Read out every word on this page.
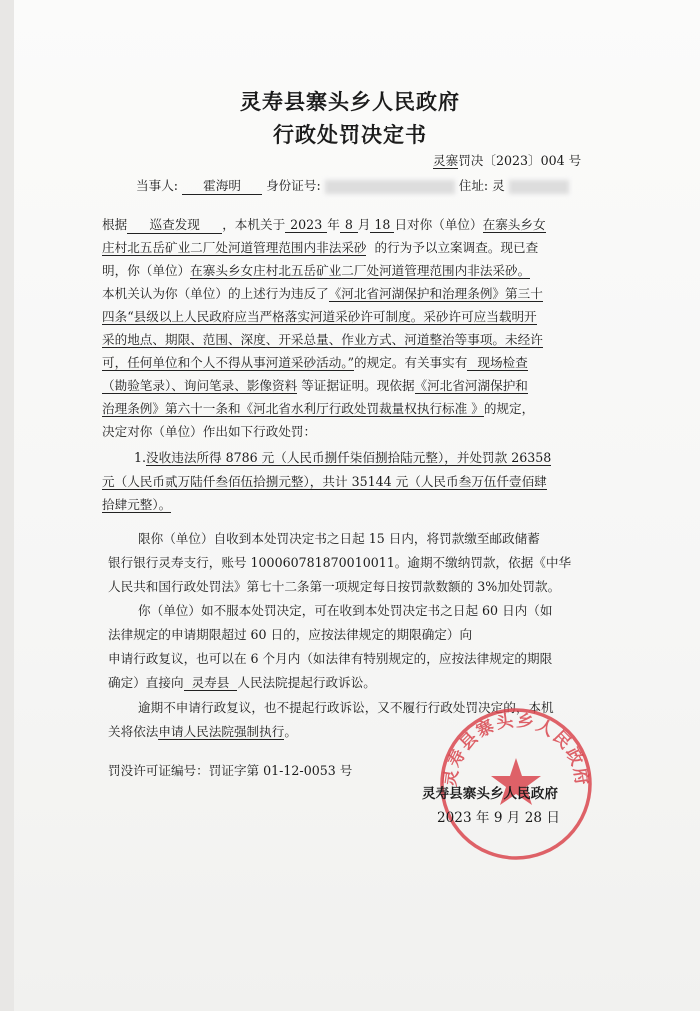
灵寿县寨头乡人民政府
行政处罚决定书
灵寨罚决〔2023〕004 号
当事人: 霍海明 身份证号:	住址: 灵
根据 巡查发现 ，本机关于 2023 年 8 月 18 日对你（单位）在寨头乡女
庄村北五岳矿业二厂处河道管理范围内非法采砂 的行为予以立案调查。现已查
明，你（单位）在寨头乡女庄村北五岳矿业二厂处河道管理范围内非法采砂。
本机关认为你（单位）的上述行为违反了《河北省河湖保护和治理条例》第三十
四条“县级以上人民政府应当严格落实河道采砂许可制度。采砂许可应当载明开
采的地点、期限、范围、深度、开采总量、作业方式、河道整治等事项。未经许
可，任何单位和个人不得从事河道采砂活动。”的规定。有关事实有 现场检查
（勘验笔录）、询问笔录、影像资料 等证据证明。现依据《河北省河湖保护和
治理条例》第六十一条和《河北省水利厅行政处罚裁量权执行标准 》的规定，
决定对你（单位）作出如下行政处罚：
1.没收违法所得 8786 元（人民币捌仟柒佰捌拾陆元整），并处罚款 26358
元（人民币贰万陆仟叁佰伍拾捌元整），共计 35144 元（人民币叁万伍仟壹佰肆
拾肆元整）。
限你（单位）自收到本处罚决定书之日起 15 日内，将罚款缴至邮政储蓄
银行银行灵寿支行，账号 100060781870010011。逾期不缴纳罚款，依据《中华
人民共和国行政处罚法》第七十二条第一项规定每日按罚款数额的 3%加处罚款。
你（单位）如不服本处罚决定，可在收到本处罚决定书之日起 60 日内（如
法律规定的申请期限超过 60 日的，应按法律规定的期限确定）向
申请行政复议，也可以在 6 个月内（如法律有特别规定的，应按法律规定的期限
确定）直接向 灵寿县 人民法院提起行政诉讼。
逾期不申请行政复议，也不提起行政诉讼，又不履行行政处罚决定的，本机
关将依法申请人民法院强制执行。
罚没许可证编号：罚证字第 01-12-0053 号	灵寿县寨头乡人民政府
灵寿县寨头乡人民政府
2023 年 9 月 28 日
